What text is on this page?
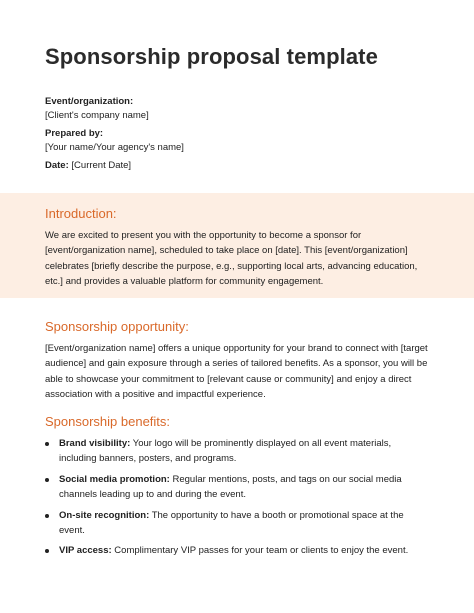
Sponsorship proposal template
Event/organization:
[Client's company name]
Prepared by:
[Your name/Your agency's name]
Date: [Current Date]
Introduction:

We are excited to present you with the opportunity to become a sponsor for [event/organization name], scheduled to take place on [date]. This [event/organization] celebrates [briefly describe the purpose, e.g., supporting local arts, advancing education, etc.] and provides a valuable platform for community engagement.

Sponsorship opportunity:

[Event/organization name] offers a unique opportunity for your brand to connect with [target audience] and gain exposure through a series of tailored benefits. As a sponsor, you will be able to showcase your commitment to [relevant cause or community] and enjoy a direct association with a positive and impactful experience.

Sponsorship benefits:
Brand visibility: Your logo will be prominently displayed on all event materials, including banners, posters, and programs.
Social media promotion: Regular mentions, posts, and tags on our social media channels leading up to and during the event.
On-site recognition: The opportunity to have a booth or promotional space at the event.
VIP access: Complimentary VIP passes for your team or clients to enjoy the event.
